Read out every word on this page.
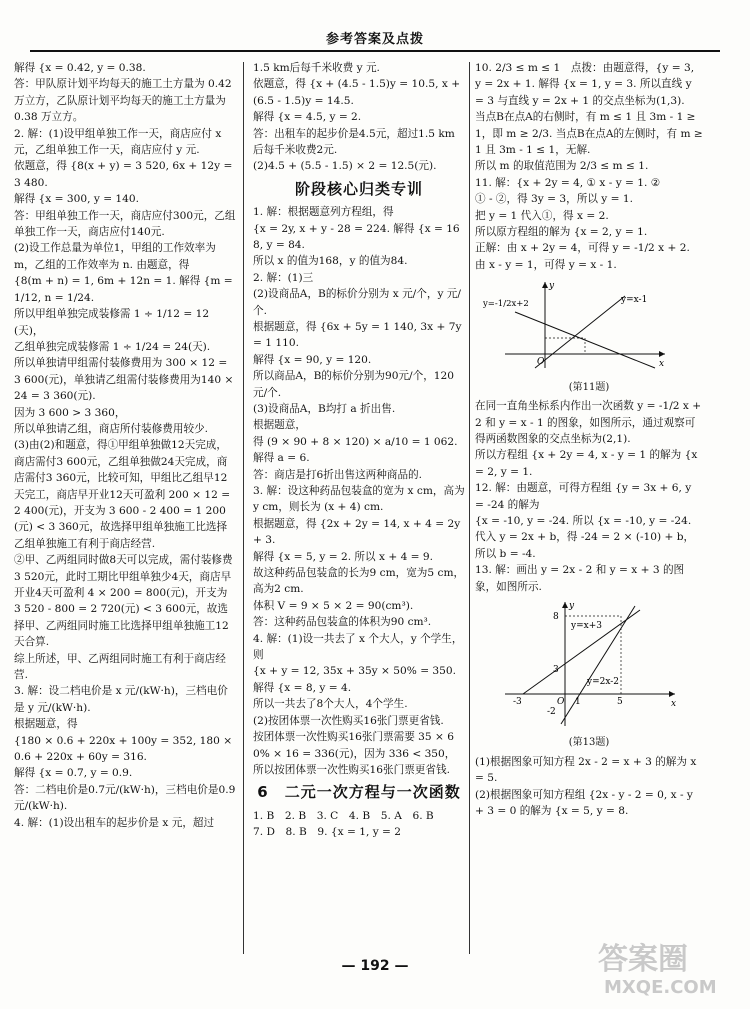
参考答案及点拨

解得 {x = 0.42, y = 0.38.

答：甲队原计划平均每天的施工土方量为 0.42 万立方，乙队原计划平均每天的施工土方量为 0.38 万立方。

2. 解：(1)设甲组单独工作一天，商店应付 x 元，乙组单独工作一天，商店应付 y 元.

依题意，得 {8(x + y) = 3 520, 6x + 12y = 3 480.

解得 {x = 300, y = 140.

答：甲组单独工作一天，商店应付300元，乙组单独工作一天，商店应付140元.

(2)设工作总量为单位1，甲组的工作效率为 m，乙组的工作效率为 n. 由题意，得

{8(m + n) = 1, 6m + 12n = 1. 解得 {m = 1/12, n = 1/24.

所以甲组单独完成装修需 1 ÷ 1/12 = 12(天)，

乙组单独完成装修需 1 ÷ 1/24 = 24(天).

所以单独请甲组需付装修费用为 300 × 12 = 3 600(元)，单独请乙组需付装修费用为140 × 24 = 3 360(元).

因为 3 600 > 3 360，

所以单独请乙组，商店所付装修费用较少.

(3)由(2)和题意，得①甲组单独做12天完成，商店需付3 600元，乙组单独做24天完成，商店需付3 360元，比较可知，甲组比乙组早12天完工，商店早开业12天可盈利 200 × 12 = 2 400(元)，开支为 3 600 - 2 400 = 1 200(元) < 3 360元，故选择甲组单独施工比选择乙组单独施工有利于商店经营.

②甲、乙两组同时做8天可以完成，需付装修费3 520元，此时工期比甲组单独少4天，商店早开业4天可盈利 4 × 200 = 800(元)，开支为 3 520 - 800 = 2 720(元) < 3 600元，故选择甲、乙两组同时施工比选择甲组单独施工12天合算.

综上所述，甲、乙两组同时施工有利于商店经营.

3. 解：设二档电价是 x 元/(kW·h)，三档电价是 y 元/(kW·h).

根据题意，得

{180 × 0.6 + 220x + 100y = 352, 180 × 0.6 + 220x + 60y = 316.

解得 {x = 0.7, y = 0.9.

答：二档电价是0.7元/(kW·h)，三档电价是0.9元/(kW·h).

4. 解：(1)设出租车的起步价是 x 元，超过

1.5 km后每千米收费 y 元.

依题意，得 {x + (4.5 - 1.5)y = 10.5, x + (6.5 - 1.5)y = 14.5.

解得 {x = 4.5, y = 2.

答：出租车的起步价是4.5元，超过1.5 km后每千米收费2元.

(2)4.5 + (5.5 - 1.5) × 2 = 12.5(元).

阶段核心归类专训

1. 解：根据题意列方程组，得

{x = 2y, x + y - 28 = 224. 解得 {x = 168, y = 84.

所以 x 的值为168，y 的值为84.

2. 解：(1)三

(2)设商品A，B的标价分别为 x 元/个，y 元/个.

根据题意，得 {6x + 5y = 1 140, 3x + 7y = 1 110.

解得 {x = 90, y = 120.

所以商品A，B的标价分别为90元/个，120元/个.

(3)设商品A，B均打 a 折出售.

根据题意，

得 (9 × 90 + 8 × 120) × a/10 = 1 062.

解得 a = 6.

答：商店是打6折出售这两种商品的.

3. 解：设这种药品包装盒的宽为 x cm，高为 y cm，则长为 (x + 4) cm.

根据题意，得 {2x + 2y = 14, x + 4 = 2y + 3.

解得 {x = 5, y = 2. 所以 x + 4 = 9.

故这种药品包装盒的长为9 cm，宽为5 cm，高为2 cm.

体积 V = 9 × 5 × 2 = 90(cm³).

答：这种药品包装盒的体积为90 cm³.

4. 解：(1)设一共去了 x 个大人，y 个学生，则

{x + y = 12, 35x + 35y × 50% = 350.

解得 {x = 8, y = 4.

所以一共去了8个大人，4个学生.

(2)按团体票一次性购买16张门票更省钱.

按团体票一次性购买16张门票需要 35 × 60% × 16 = 336(元)，因为 336 < 350，所以按团体票一次性购买16张门票更省钱.

6　二元一次方程与一次函数

1. B　2. B　3. C　4. B　5. A　6. B

7. D　8. B　9. {x = 1, y = 2

10. 2/3 ≤ m ≤ 1　点拨：由题意得，{y = 3, y = 2x + 1. 解得 {x = 1, y = 3. 所以直线 y = 3 与直线 y = 2x + 1 的交点坐标为(1,3).

当点B在点A的右侧时，有 m ≤ 1 且 3m - 1 ≥ 1，即 m ≥ 2/3. 当点B在点A的左侧时，有 m ≥ 1 且 3m - 1 ≤ 1，无解.

所以 m 的取值范围为 2/3 ≤ m ≤ 1.

11. 解：{x + 2y = 4, ① x - y = 1. ②

① - ②，得 3y = 3，所以 y = 1.

把 y = 1 代入①，得 x = 2.

所以原方程组的解为 {x = 2, y = 1.

正解：由 x + 2y = 4，可得 y = -1/2 x + 2.

由 x - y = 1，可得 y = x - 1.

O	x
y
y=x-1
y=-1/2x+2
(第11题)

在同一直角坐标系内作出一次函数 y = -1/2 x + 2 和 y = x - 1 的图象，如图所示，通过观察可得两函数图象的交点坐标为(2,1).

所以方程组 {x + 2y = 4, x - y = 1 的解为 {x = 2, y = 1.

12. 解：由题意，可得方程组 {y = 3x + 6, y = -24 的解为

{x = -10, y = -24. 所以 {x = -10, y = -24. 代入 y = 2x + b，得 -24 = 2 × (-10) + b，所以 b = -4.

13. 解：画出 y = 2x - 2 和 y = x + 3 的图象，如图所示.

8
3
-2
-3	1	5
O	x
y
y=x+3
y=2x-2
(第13题)

(1)根据图象可知方程 2x - 2 = x + 3 的解为 x = 5.

(2)根据图象可知方程组 {2x - y - 2 = 0, x - y + 3 = 0 的解为 {x = 5, y = 8.

— 192 —	答案圈
MXQE.COM
